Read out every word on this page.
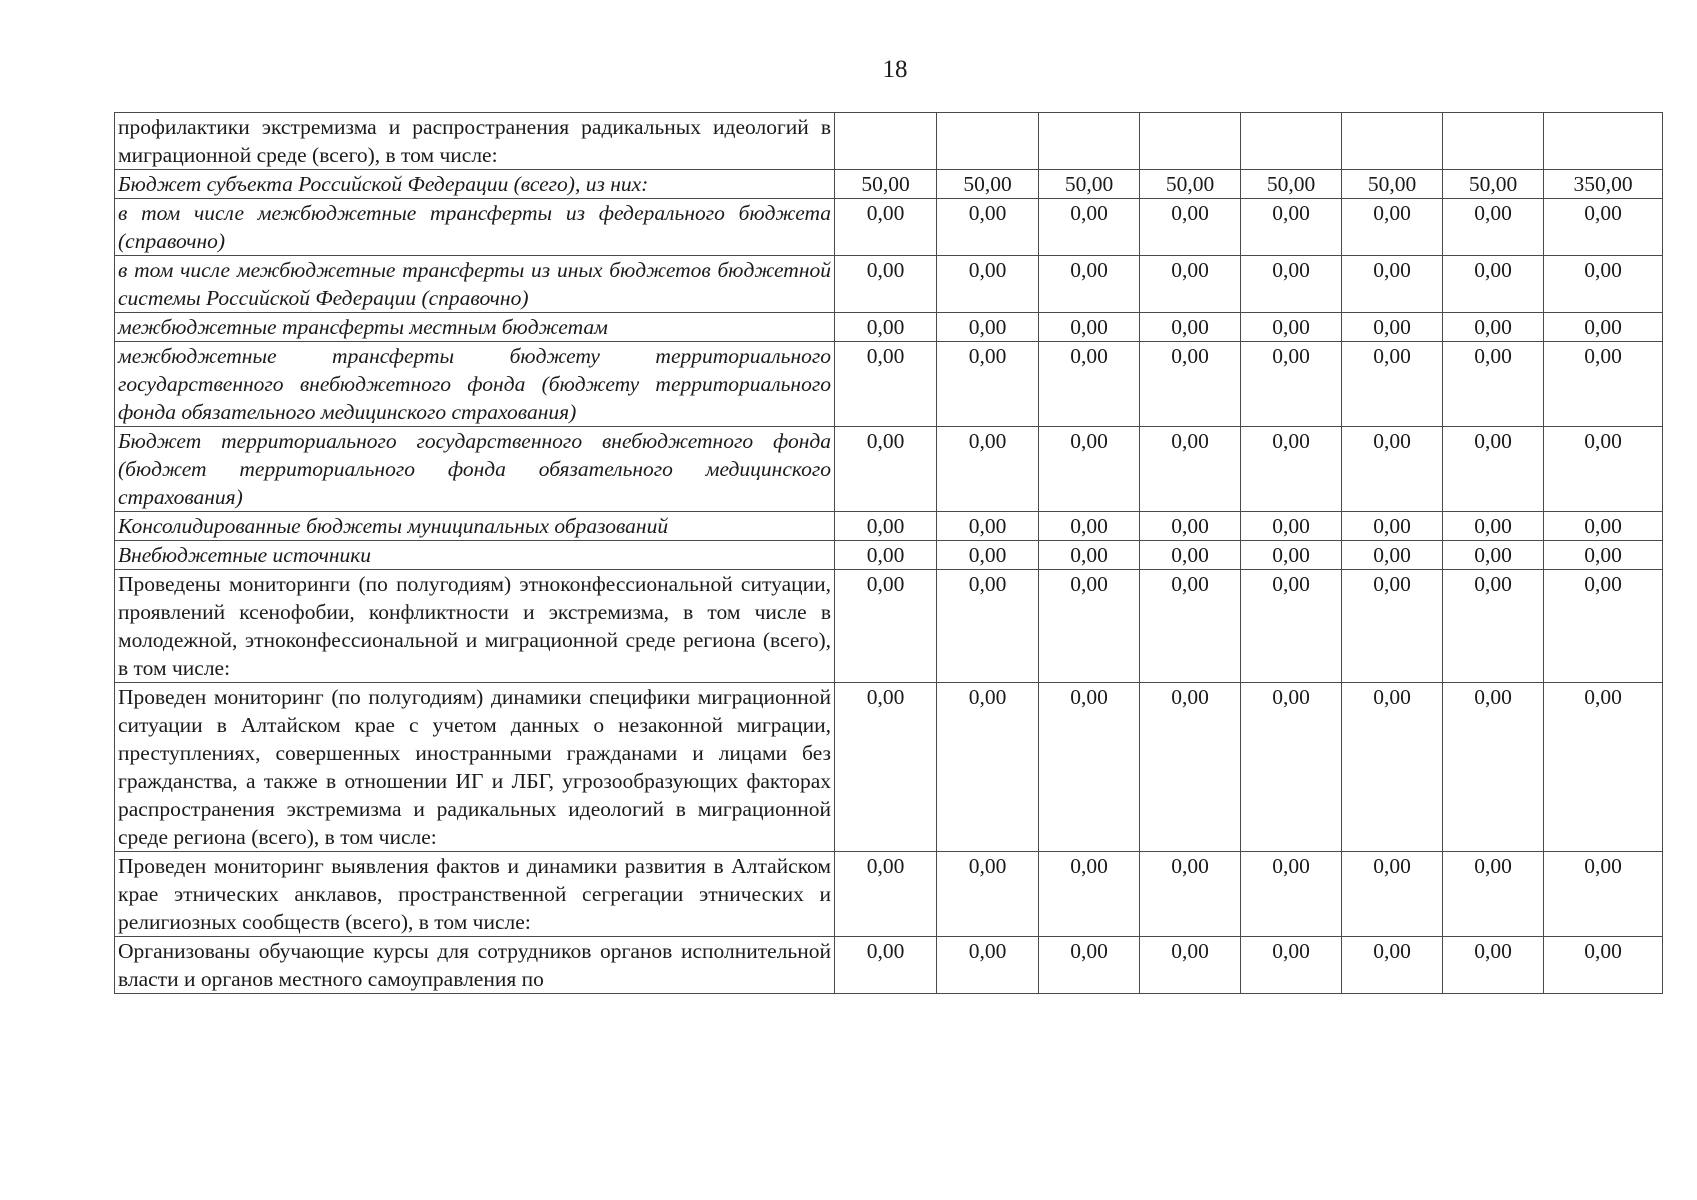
18
профилактики экстремизма и распространения радикальных идеологий в миграционной среде (всего), в том числе:								
Бюджет субъекта Российской Федерации (всего), из них:	50,00	50,00	50,00	50,00	50,00	50,00	50,00	350,00
в том числе межбюджетные трансферты из федерального бюджета (справочно)	0,00	0,00	0,00	0,00	0,00	0,00	0,00	0,00
в том числе межбюджетные трансферты из иных бюджетов бюджетной системы Российской Федерации (справочно)	0,00	0,00	0,00	0,00	0,00	0,00	0,00	0,00
межбюджетные трансферты местным бюджетам	0,00	0,00	0,00	0,00	0,00	0,00	0,00	0,00
межбюджетные трансферты бюджету территориального государственного внебюджетного фонда (бюджету территориального фонда обязательного медицинского страхования)	0,00	0,00	0,00	0,00	0,00	0,00	0,00	0,00
Бюджет территориального государственного внебюджетного фонда (бюджет территориального фонда обязательного медицинского страхования)	0,00	0,00	0,00	0,00	0,00	0,00	0,00	0,00
Консолидированные бюджеты муниципальных образований	0,00	0,00	0,00	0,00	0,00	0,00	0,00	0,00
Внебюджетные источники	0,00	0,00	0,00	0,00	0,00	0,00	0,00	0,00
Проведены мониторинги (по полугодиям) этноконфессиональной ситуации, проявлений ксенофобии, конфликтности и экстремизма, в том числе в молодежной, этноконфессиональной и миграционной среде региона (всего), в том числе:	0,00	0,00	0,00	0,00	0,00	0,00	0,00	0,00
Проведен мониторинг (по полугодиям) динамики специфики миграционной ситуации в Алтайском крае с учетом данных о незаконной миграции, преступлениях, совершенных иностранными гражданами и лицами без гражданства, а также в отношении ИГ и ЛБГ, угрозообразующих факторах распространения экстремизма и радикальных идеологий в миграционной среде региона (всего), в том числе:	0,00	0,00	0,00	0,00	0,00	0,00	0,00	0,00
Проведен мониторинг выявления фактов и динамики развития в Алтайском крае этнических анклавов, пространственной сегрегации этнических и религиозных сообществ (всего), в том числе:	0,00	0,00	0,00	0,00	0,00	0,00	0,00	0,00
Организованы обучающие курсы для сотрудников органов исполнительной власти и органов местного самоуправления по	0,00	0,00	0,00	0,00	0,00	0,00	0,00	0,00
